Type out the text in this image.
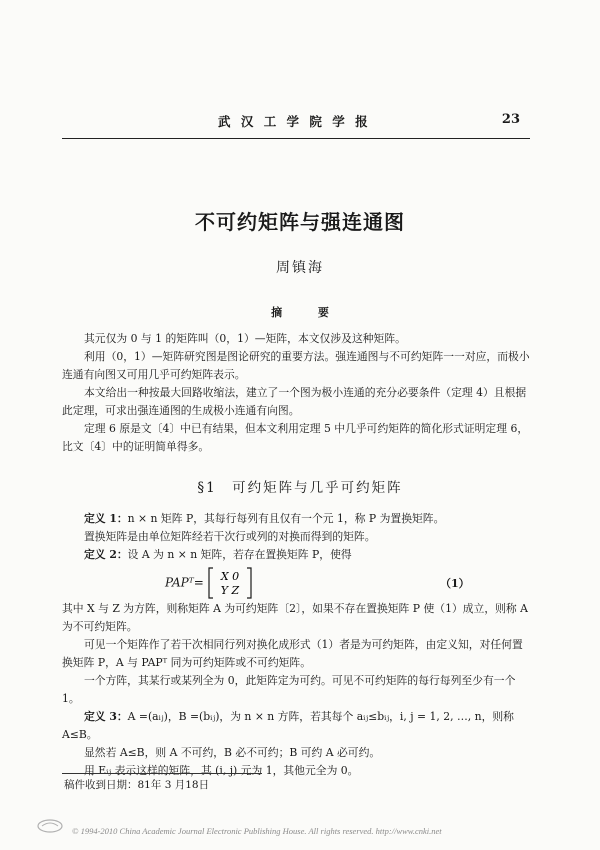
武 汉 工 学 院 学 报	23
不可约矩阵与强连通图
周镇海
摘 要

其元仅为 0 与 1 的矩阵叫（0，1）—矩阵，本文仅涉及这种矩阵。

利用（0，1）—矩阵研究图是图论研究的重要方法。强连通图与不可约矩阵一一对应，而极小连通有向图又可用几乎可约矩阵表示。

本文给出一种按最大回路收缩法，建立了一个图为极小连通的充分必要条件（定理 4）且根据此定理，可求出强连通图的生成极小连通有向图。

定理 6 原是文〔4〕中已有结果，但本文利用定理 5 中几乎可约矩阵的简化形式证明定理 6，比文〔4〕中的证明简单得多。

§1　可约矩阵与几乎可约矩阵

定义 1：n × n 矩阵 P，其每行每列有且仅有一个元 1，称 P 为置换矩阵。

置换矩阵是由单位矩阵经若干次行或列的对换而得到的矩阵。

定义 2：设 A 为 n × n 矩阵，若存在置换矩阵 P，使得

PAPᵀ= X 0
Y Z
（1）

其中 X 与 Z 为方阵，则称矩阵 A 为可约矩阵〔2〕，如果不存在置换矩阵 P 使（1）成立，则称 A 为不可约矩阵。

可见一个矩阵作了若干次相同行列对换化成形式（1）者是为可约矩阵，由定义知，对任何置换矩阵 P，A 与 PAPᵀ 同为可约矩阵或不可约矩阵。

一个方阵，其某行或某列全为 0，此矩阵定为可约。可见不可约矩阵的每行每列至少有一个 1。

定义 3：A =(aᵢⱼ)，B =(bᵢⱼ)，为 n × n 方阵，若其每个 aᵢⱼ≤bᵢⱼ，i, j = 1, 2, …, n，则称 A≤B。

显然若 A≤B，则 A 不可约，B 必不可约；B 可约 A 必可约。

用 Eᵢⱼ 表示这样的矩阵，其 (i, j) 元为 1，其他元全为 0。

稿件收到日期：81年 3 月18日
© 1994-2010 China Academic Journal Electronic Publishing House. All rights reserved. http://www.cnki.net
